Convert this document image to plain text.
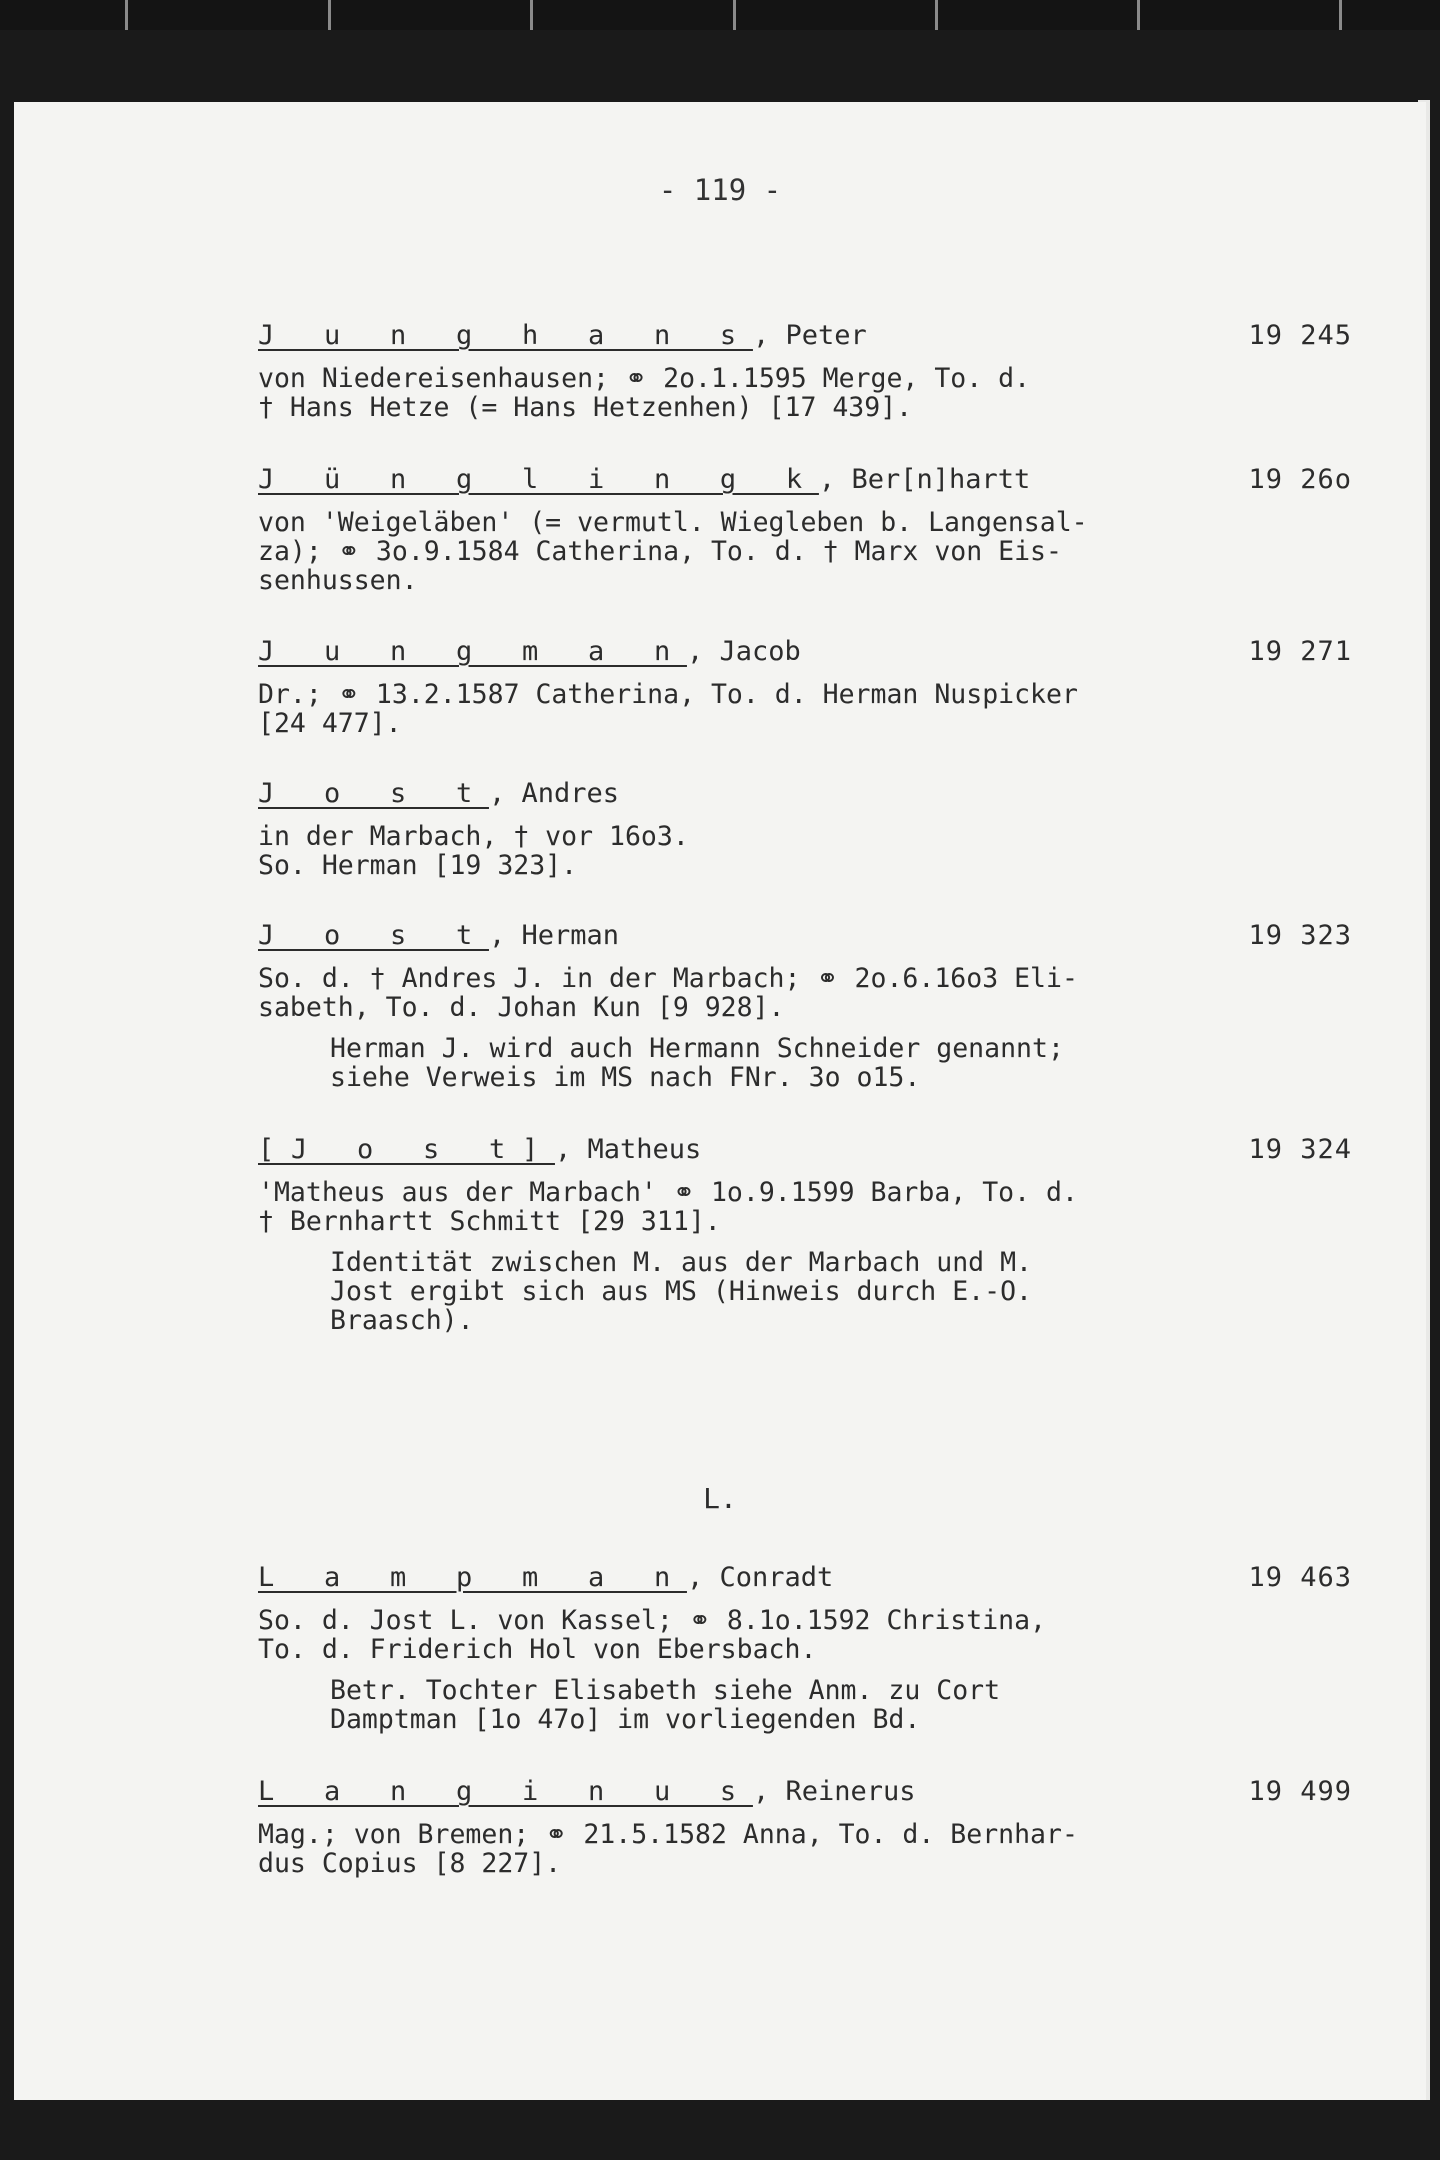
- 119 -
J u n g h a n s, Peter	19 245
von Niedereisenhausen; ⚭ 2o.1.1595 Merge, To. d.
† Hans Hetze (= Hans Hetzenhen) [17 439].
J ü n g l i n g k, Ber[n]hartt	19 26o
von 'Weigeläben' (= vermutl. Wiegleben b. Langensal-
za); ⚭ 3o.9.1584 Catherina, To. d. † Marx von Eis-
senhussen.
J u n g m a n, Jacob	19 271
Dr.; ⚭ 13.2.1587 Catherina, To. d. Herman Nuspicker
[24 477].
J o s t, Andres
in der Marbach, † vor 16o3.
So. Herman [19 323].
J o s t, Herman	19 323
So. d. † Andres J. in der Marbach; ⚭ 2o.6.16o3 Eli-
sabeth, To. d. Johan Kun [9 928].
Herman J. wird auch Hermann Schneider genannt;
siehe Verweis im MS nach FNr. 3o o15.
[J o s t], Matheus	19 324
'Matheus aus der Marbach' ⚭ 1o.9.1599 Barba, To. d.
† Bernhartt Schmitt [29 311].
Identität zwischen M. aus der Marbach und M.
Jost ergibt sich aus MS (Hinweis durch E.-O.
Braasch).
L.
L a m p m a n, Conradt	19 463
So. d. Jost L. von Kassel; ⚭ 8.1o.1592 Christina,
To. d. Friderich Hol von Ebersbach.
Betr. Tochter Elisabeth siehe Anm. zu Cort
Damptman [1o 47o] im vorliegenden Bd.
L a n g i n u s, Reinerus	19 499
Mag.; von Bremen; ⚭ 21.5.1582 Anna, To. d. Bernhar-
dus Copius [8 227].
